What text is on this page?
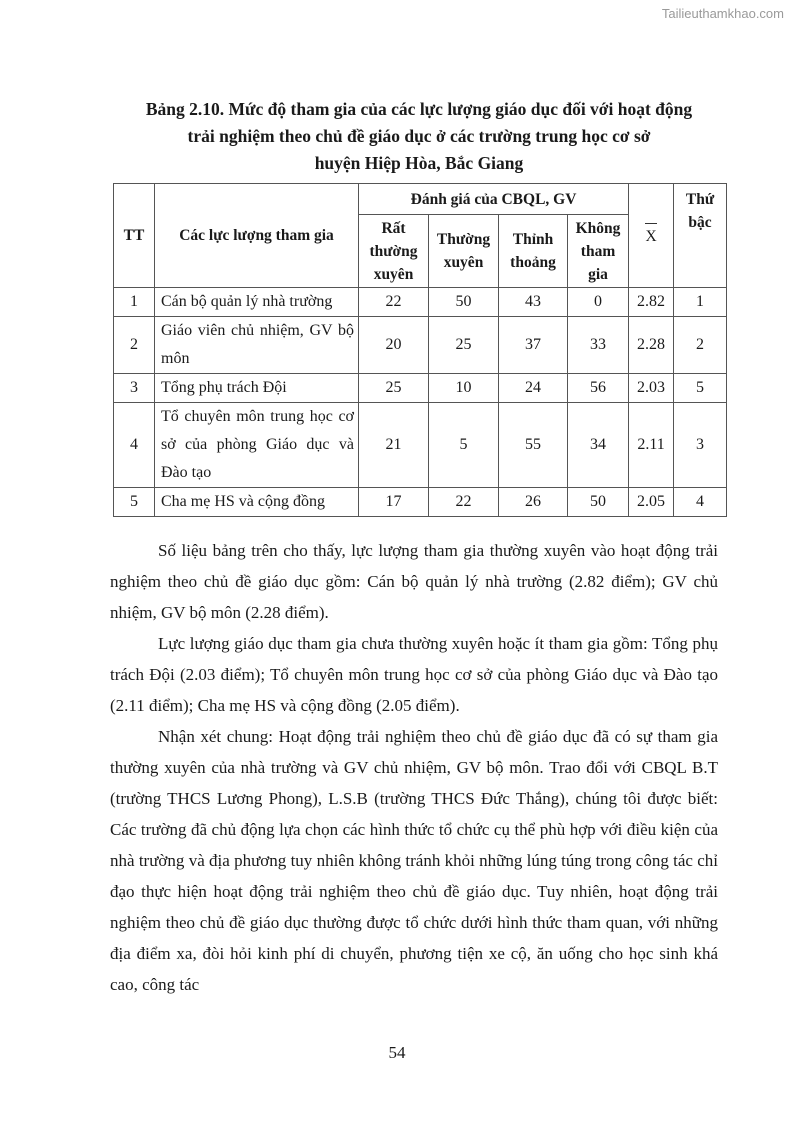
Tailieuthamkhao.com
Bảng 2.10. Mức độ tham gia của các lực lượng giáo dục đối với hoạt động
trải nghiệm theo chủ đề giáo dục ở các trường trung học cơ sở
huyện Hiệp Hòa, Bắc Giang
TT	Các lực lượng tham gia	Đánh giá của CBQL, GV				X	Thứ bậc
		Rất thường xuyên	Thường xuyên	Thỉnh thoảng	Không tham gia		
1	Cán bộ quản lý nhà trường	22	50	43	0	2.82	1
2	Giáo viên chủ nhiệm, GV bộ môn	20	25	37	33	2.28	2
3	Tổng phụ trách Đội	25	10	24	56	2.03	5
4	Tổ chuyên môn trung học cơ sở của phòng Giáo dục và Đào tạo	21	5	55	34	2.11	3
5	Cha mẹ HS và cộng đồng	17	22	26	50	2.05	4

Số liệu bảng trên cho thấy, lực lượng tham gia thường xuyên vào hoạt động trải nghiệm theo chủ đề giáo dục gồm: Cán bộ quản lý nhà trường (2.82 điểm); GV chủ nhiệm, GV bộ môn (2.28 điểm).

Lực lượng giáo dục tham gia chưa thường xuyên hoặc ít tham gia gồm: Tổng phụ trách Đội (2.03 điểm); Tổ chuyên môn trung học cơ sở của phòng Giáo dục và Đào tạo (2.11 điểm); Cha mẹ HS và cộng đồng (2.05 điểm).

Nhận xét chung: Hoạt động trải nghiệm theo chủ đề giáo dục đã có sự tham gia thường xuyên của nhà trường và GV chủ nhiệm, GV bộ môn. Trao đổi với CBQL B.T (trường THCS Lương Phong), L.S.B (trường THCS Đức Thắng), chúng tôi được biết: Các trường đã chủ động lựa chọn các hình thức tổ chức cụ thể phù hợp với điều kiện của nhà trường và địa phương tuy nhiên không tránh khỏi những lúng túng trong công tác chỉ đạo thực hiện hoạt động trải nghiệm theo chủ đề giáo dục. Tuy nhiên, hoạt động trải nghiệm theo chủ đề giáo dục thường được tổ chức dưới hình thức tham quan, với những địa điểm xa, đòi hỏi kinh phí di chuyển, phương tiện xe cộ, ăn uống cho học sinh khá cao, công tác

54
